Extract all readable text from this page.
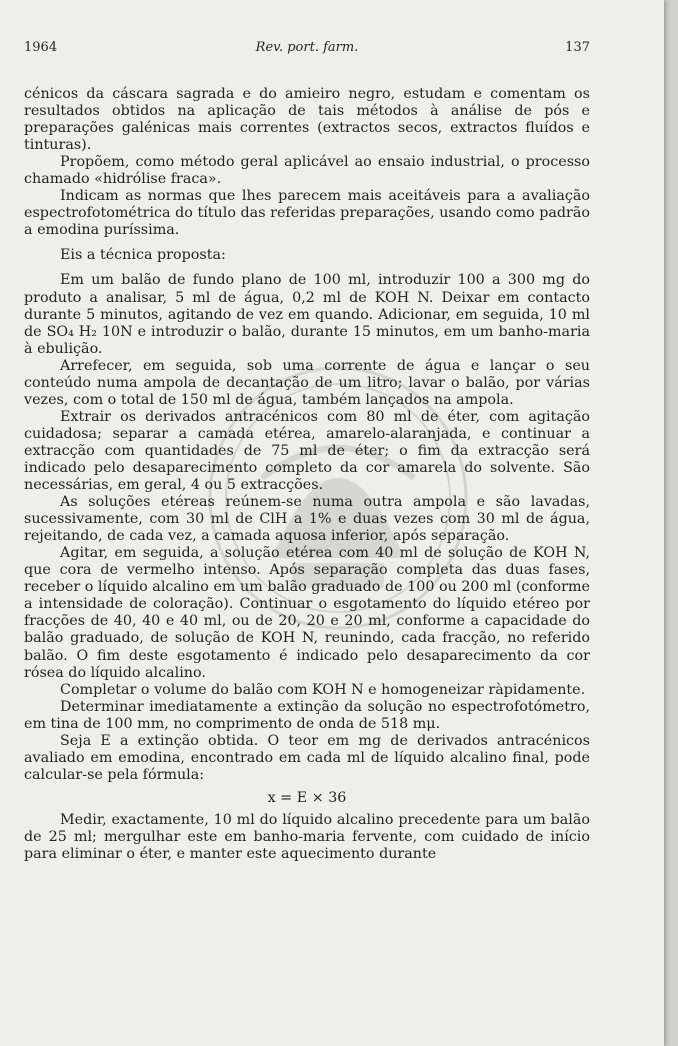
1964	Rev. port. farm.	137

cénicos da cáscara sagrada e do amieiro negro, estudam e comentam os resultados obtidos na aplicação de tais métodos à análise de pós e preparações galénicas mais correntes (extractos secos, extractos fluídos e tinturas).

Propõem, como método geral aplicável ao ensaio industrial, o processo chamado «hidrólise fraca».

Indicam as normas que lhes parecem mais aceitáveis para a avaliação espectrofotométrica do título das referidas preparações, usando como padrão a emodina puríssima.

Eis a técnica proposta:

Em um balão de fundo plano de 100 ml, introduzir 100 a 300 mg do produto a analisar, 5 ml de água, 0,2 ml de KOH N. Deixar em contacto durante 5 minutos, agitando de vez em quando. Adicionar, em seguida, 10 ml de SO₄ H₂ 10N e introduzir o balão, durante 15 minutos, em um banho-maria à ebulição.

Arrefecer, em seguida, sob uma corrente de água e lançar o seu conteúdo numa ampola de decantação de um litro; lavar o balão, por várias vezes, com o total de 150 ml de água, também lançados na ampola.

Extrair os derivados antracénicos com 80 ml de éter, com agitação cuidadosa; separar a camada etérea, amarelo-alaranjada, e continuar a extracção com quantidades de 75 ml de éter; o fim da extracção será indicado pelo desaparecimento completo da cor amarela do solvente. São necessárias, em geral, 4 ou 5 extracções.

As soluções etéreas reúnem-se numa outra ampola e são lavadas, sucessivamente, com 30 ml de ClH a 1% e duas vezes com 30 ml de água, rejeitando, de cada vez, a camada aquosa inferior, após separação.

Agitar, em seguida, a solução etérea com 40 ml de solução de KOH N, que cora de vermelho intenso. Após separação completa das duas fases, receber o líquido alcalino em um balão graduado de 100 ou 200 ml (conforme a intensidade de coloração). Continuar o esgotamento do líquido etéreo por fracções de 40, 40 e 40 ml, ou de 20, 20 e 20 ml, conforme a capacidade do balão graduado, de solução de KOH N, reunindo, cada fracção, no referido balão. O fim deste esgotamento é indicado pelo desaparecimento da cor rósea do líquido alcalino.

Completar o volume do balão com KOH N e homogeneizar ràpidamente.

Determinar imediatamente a extinção da solução no espectrofotómetro, em tina de 100 mm, no comprimento de onda de 518 mμ.

Seja E a extinção obtida. O teor em mg de derivados antracénicos avaliado em emodina, encontrado em cada ml de líquido alcalino final, pode calcular-se pela fórmula:

x = E × 36

Medir, exactamente, 10 ml do líquido alcalino precedente para um balão de 25 ml; mergulhar este em banho-maria fervente, com cuidado de início para eliminar o éter, e manter este aquecimento durante
